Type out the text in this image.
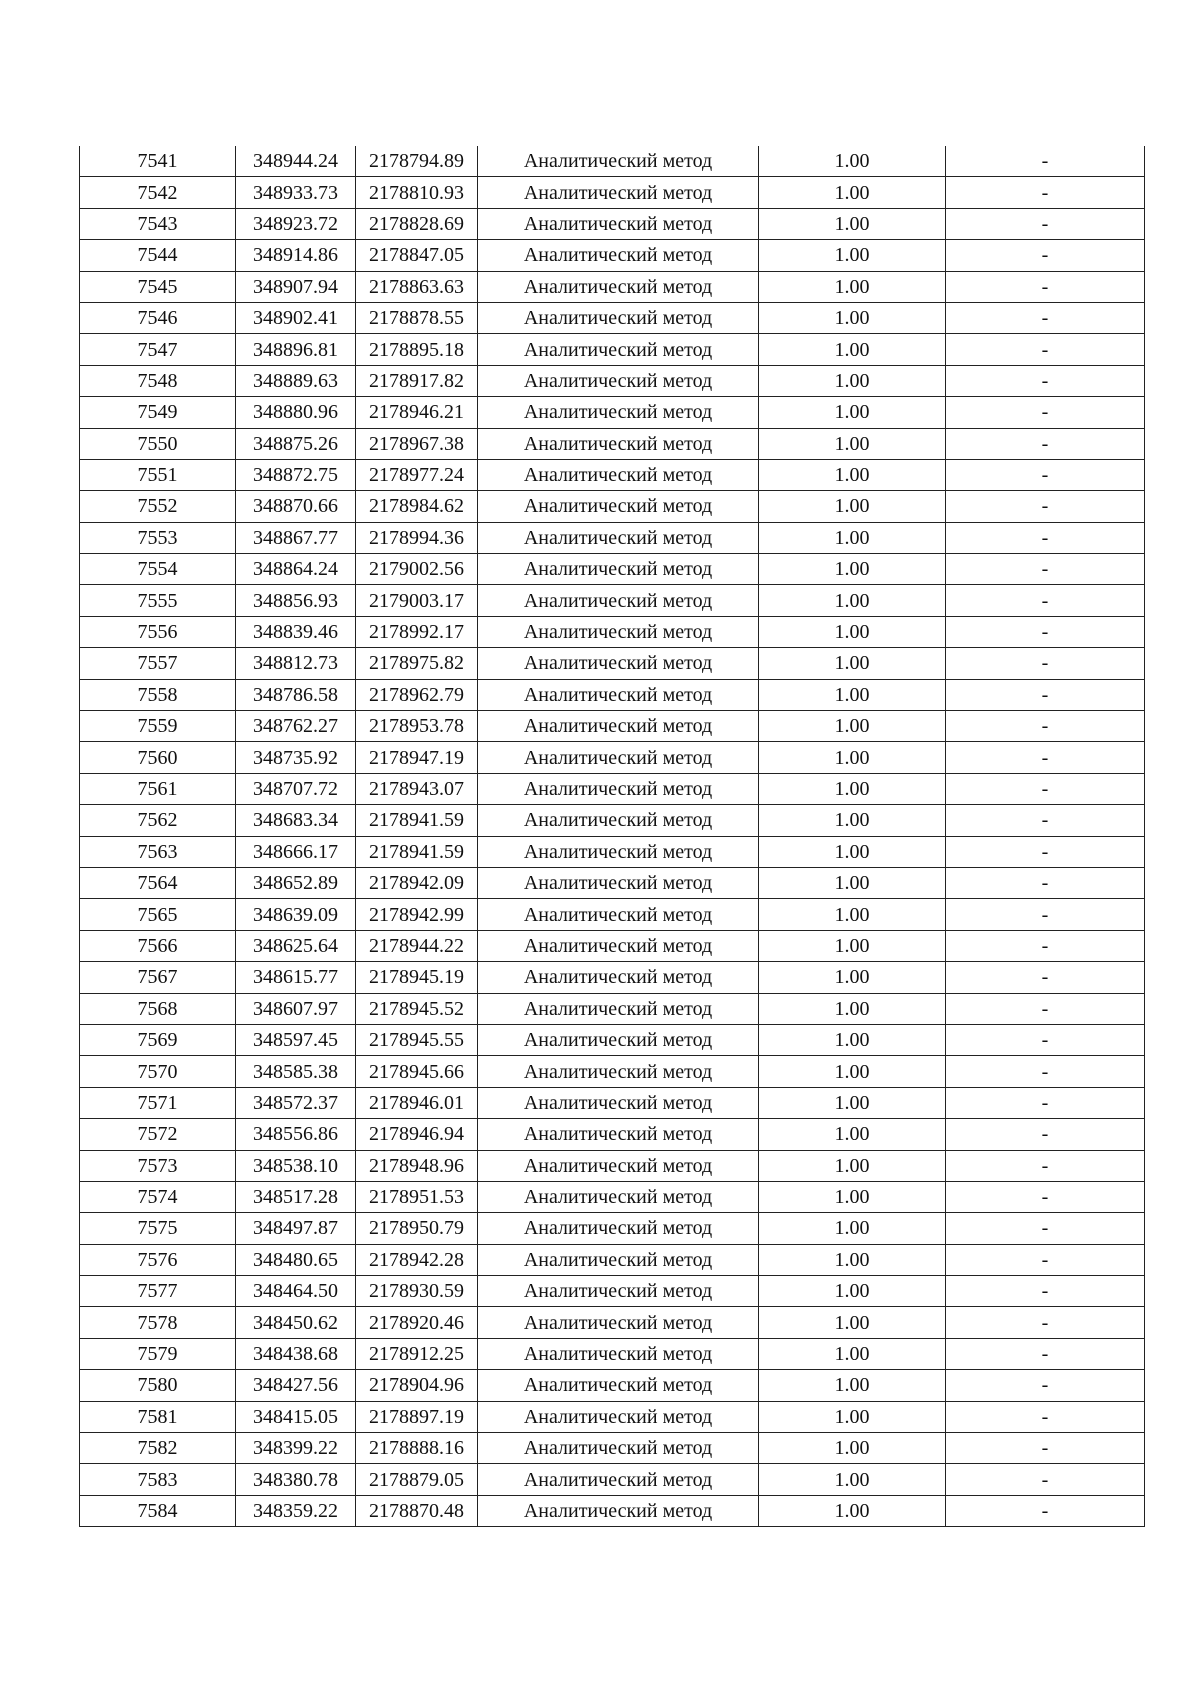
7541	348944.24	2178794.89	Аналитический метод	1.00	-
7542	348933.73	2178810.93	Аналитический метод	1.00	-
7543	348923.72	2178828.69	Аналитический метод	1.00	-
7544	348914.86	2178847.05	Аналитический метод	1.00	-
7545	348907.94	2178863.63	Аналитический метод	1.00	-
7546	348902.41	2178878.55	Аналитический метод	1.00	-
7547	348896.81	2178895.18	Аналитический метод	1.00	-
7548	348889.63	2178917.82	Аналитический метод	1.00	-
7549	348880.96	2178946.21	Аналитический метод	1.00	-
7550	348875.26	2178967.38	Аналитический метод	1.00	-
7551	348872.75	2178977.24	Аналитический метод	1.00	-
7552	348870.66	2178984.62	Аналитический метод	1.00	-
7553	348867.77	2178994.36	Аналитический метод	1.00	-
7554	348864.24	2179002.56	Аналитический метод	1.00	-
7555	348856.93	2179003.17	Аналитический метод	1.00	-
7556	348839.46	2178992.17	Аналитический метод	1.00	-
7557	348812.73	2178975.82	Аналитический метод	1.00	-
7558	348786.58	2178962.79	Аналитический метод	1.00	-
7559	348762.27	2178953.78	Аналитический метод	1.00	-
7560	348735.92	2178947.19	Аналитический метод	1.00	-
7561	348707.72	2178943.07	Аналитический метод	1.00	-
7562	348683.34	2178941.59	Аналитический метод	1.00	-
7563	348666.17	2178941.59	Аналитический метод	1.00	-
7564	348652.89	2178942.09	Аналитический метод	1.00	-
7565	348639.09	2178942.99	Аналитический метод	1.00	-
7566	348625.64	2178944.22	Аналитический метод	1.00	-
7567	348615.77	2178945.19	Аналитический метод	1.00	-
7568	348607.97	2178945.52	Аналитический метод	1.00	-
7569	348597.45	2178945.55	Аналитический метод	1.00	-
7570	348585.38	2178945.66	Аналитический метод	1.00	-
7571	348572.37	2178946.01	Аналитический метод	1.00	-
7572	348556.86	2178946.94	Аналитический метод	1.00	-
7573	348538.10	2178948.96	Аналитический метод	1.00	-
7574	348517.28	2178951.53	Аналитический метод	1.00	-
7575	348497.87	2178950.79	Аналитический метод	1.00	-
7576	348480.65	2178942.28	Аналитический метод	1.00	-
7577	348464.50	2178930.59	Аналитический метод	1.00	-
7578	348450.62	2178920.46	Аналитический метод	1.00	-
7579	348438.68	2178912.25	Аналитический метод	1.00	-
7580	348427.56	2178904.96	Аналитический метод	1.00	-
7581	348415.05	2178897.19	Аналитический метод	1.00	-
7582	348399.22	2178888.16	Аналитический метод	1.00	-
7583	348380.78	2178879.05	Аналитический метод	1.00	-
7584	348359.22	2178870.48	Аналитический метод	1.00	-
